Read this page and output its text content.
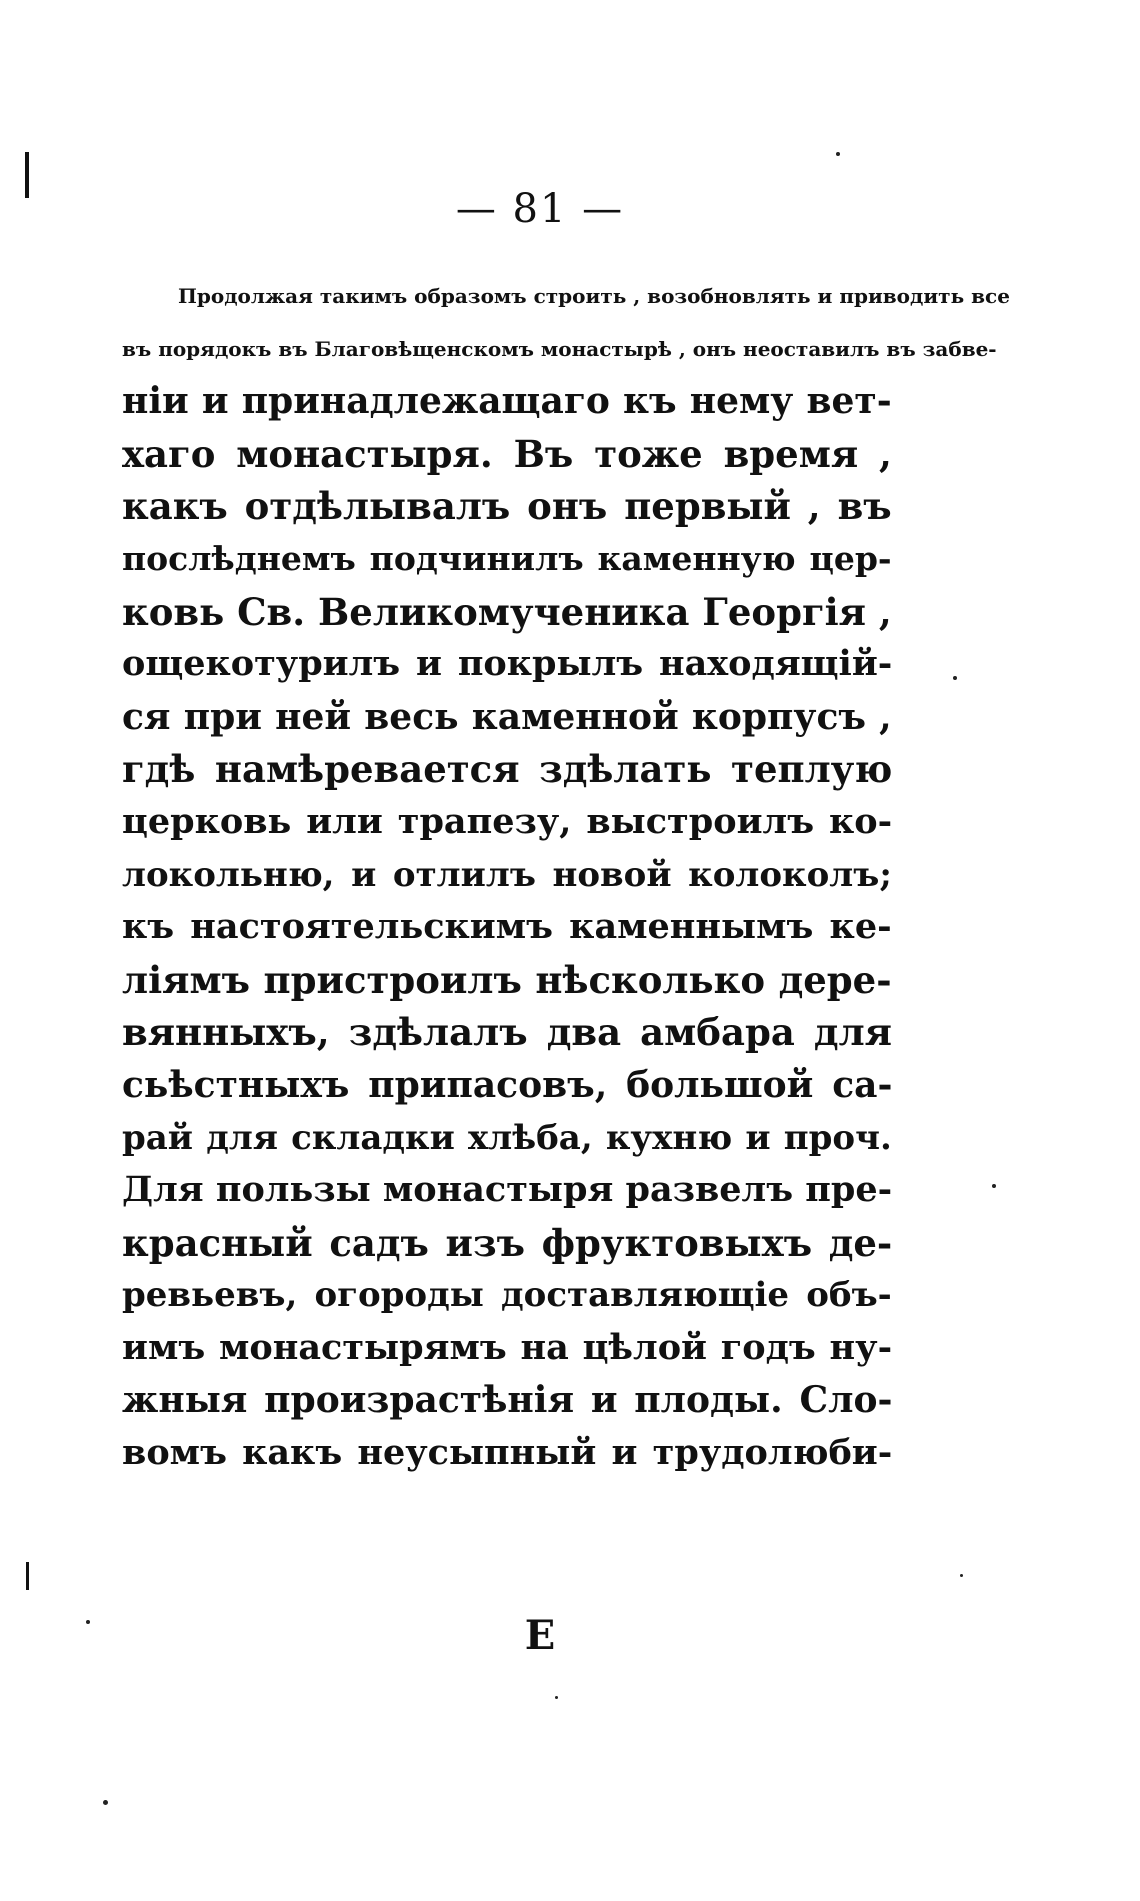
— 81 —
Продолжая такимъ образомъ строить , возобновлять и приводить все
въ порядокъ въ Благовѣщенскомъ монастырѣ , онъ неоставилъ въ забве-
ніи и принадлежащаго къ нему вет-
хаго монастыря. Въ тоже время ,
какъ отдѣлывалъ онъ первый , въ
послѣднемъ подчинилъ каменную цер-
ковь Св. Великомученика Георгія ,
ощекотурилъ и покрылъ находящій-
ся при ней весь каменной корпусъ ,
гдѣ намѣревается здѣлать теплую
церковь или трапезу, выстроилъ ко-
локольню, и отлилъ новой колоколъ;
къ настоятельскимъ каменнымъ ке-
ліямъ пристроилъ нѣсколько дере-
вянныхъ, здѣлалъ два амбара для
сьѣстныхъ припасовъ, большой са-
рай для складки хлѣба, кухню и проч.
Для пользы монастыря развелъ пре-
красный садъ изъ фруктовыхъ де-
ревьевъ, огороды доставляющіе объ-
имъ монастырямъ на цѣлой годъ ну-
жныя произрастѣнія и плоды. Сло-
вомъ какъ неусыпный и трудолюби-
E
